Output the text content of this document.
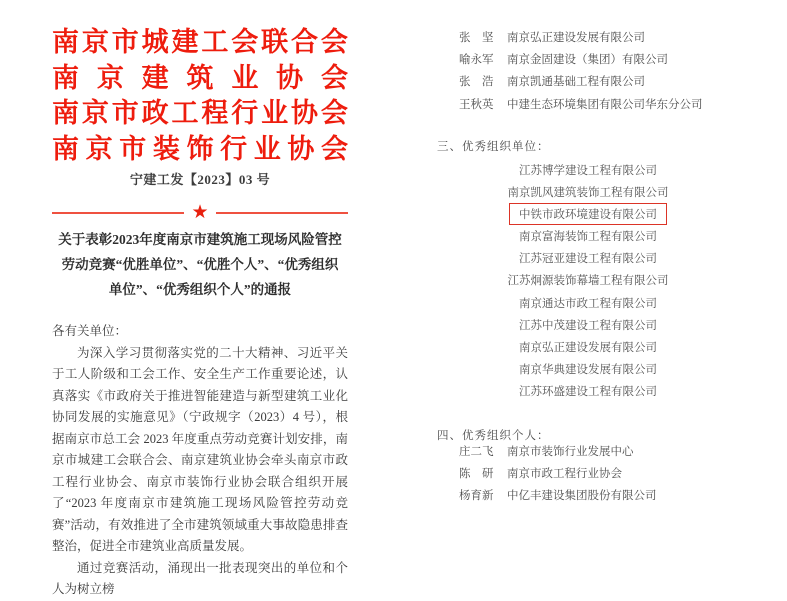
南 京 市 城 建 工 会 联 合 会
南 京 建 筑 业 协 会
南 京 市 政 工 程 行 业 协 会
南 京 市 装 饰 行 业 协 会
宁建工发【2023】03 号
★
关于表彰2023年度南京市建筑施工现场风险管控
劳动竞赛“优胜单位”、“优胜个人”、“优秀组织
单位”、“优秀组织个人”的通报
各有关单位：

为深入学习贯彻落实党的二十大精神、习近平关于工人阶级和工会工作、安全生产工作重要论述，认真落实《市政府关于推进智能建造与新型建筑工业化协同发展的实施意见》（宁政规字（2023）4 号），根据南京市总工会 2023 年度重点劳动竞赛计划安排，南京市城建工会联合会、南京建筑业协会牵头南京市政工程行业协会、南京市装饰行业协会联合组织开展了“2023 年度南京市建筑施工现场风险管控劳动竞赛”活动，有效推进了全市建筑领域重大事故隐患排查整治，促进全市建筑业高质量发展。

通过竞赛活动，涌现出一批表现突出的单位和个人为树立榜

张　坚	南京弘正建设发展有限公司
喻永军	南京金固建设（集团）有限公司
张　浩	南京凯通基础工程有限公司
王秋英	中建生态环境集团有限公司华东分公司
三、优秀组织单位：
江苏博学建设工程有限公司
南京凯风建筑装饰工程有限公司
中铁市政环境建设有限公司
南京富海装饰工程有限公司
江苏冠亚建设工程有限公司
江苏炯源装饰幕墙工程有限公司
南京通达市政工程有限公司
江苏中茂建设工程有限公司
南京弘正建设发展有限公司
南京华典建设发展有限公司
江苏环盛建设工程有限公司
四、优秀组织个人：
庄二飞	南京市装饰行业发展中心
陈　研	南京市政工程行业协会
杨育新	中亿丰建设集团股份有限公司
